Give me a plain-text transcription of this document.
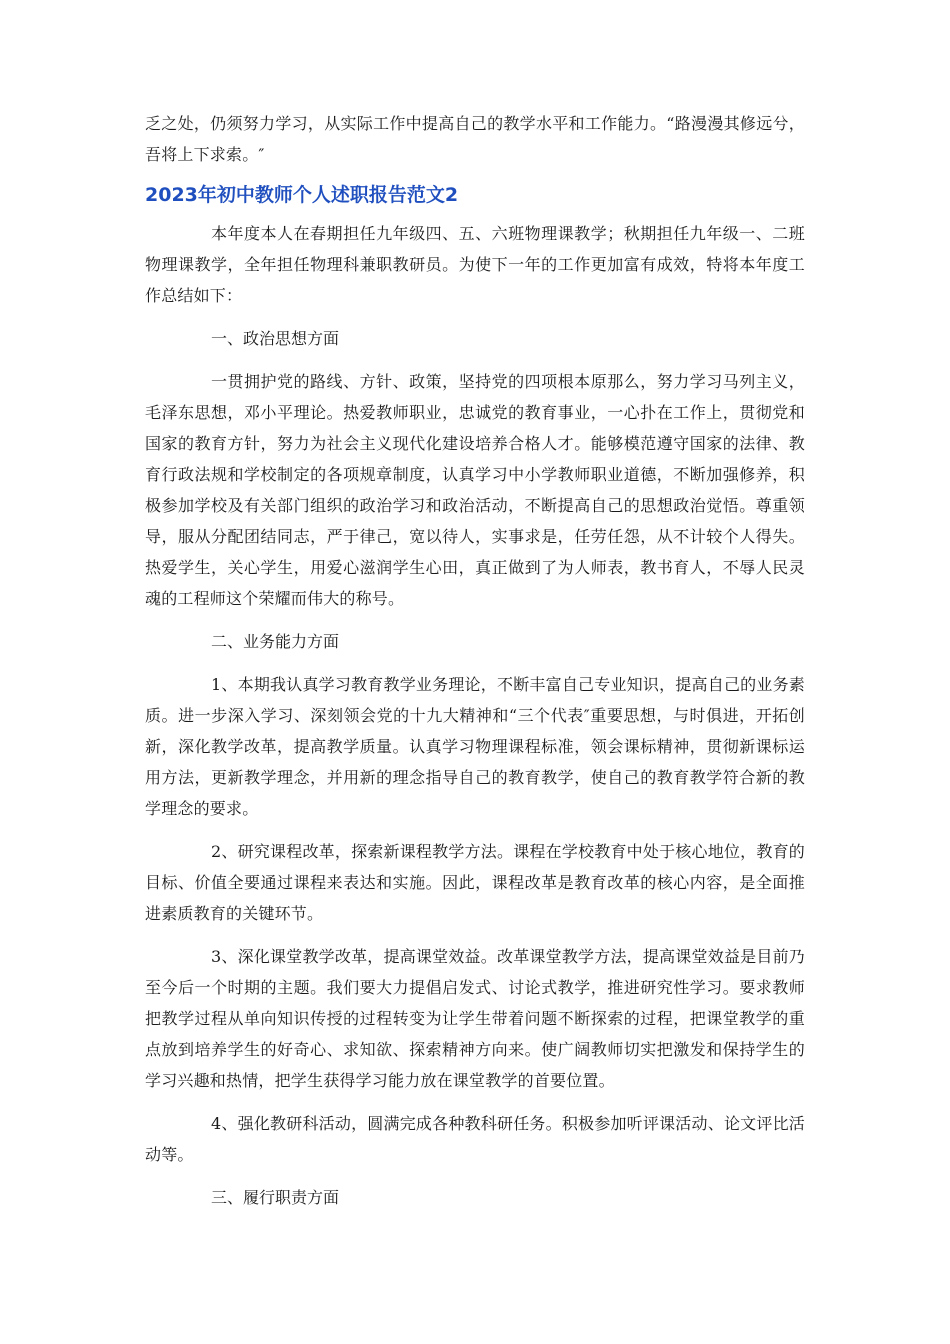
乏之处，仍须努力学习，从实际工作中提高自己的教学水平和工作能力。“路漫漫其修远兮，吾将上下求索。″

2023年初中教师个人述职报告范文2

本年度本人在春期担任九年级四、五、六班物理课教学；秋期担任九年级一、二班物理课教学，全年担任物理科兼职教研员。为使下一年的工作更加富有成效，特将本年度工作总结如下：

一、政治思想方面

一贯拥护党的路线、方针、政策，坚持党的四项根本原那么，努力学习马列主义，毛泽东思想，邓小平理论。热爱教师职业，忠诚党的教育事业，一心扑在工作上，贯彻党和国家的教育方针，努力为社会主义现代化建设培养合格人才。能够模范遵守国家的法律、教育行政法规和学校制定的各项规章制度，认真学习中小学教师职业道德，不断加强修养，积极参加学校及有关部门组织的政治学习和政治活动，不断提高自己的思想政治觉悟。尊重领导，服从分配团结同志，严于律己，宽以待人，实事求是，任劳任怨，从不计较个人得失。热爱学生，关心学生，用爱心滋润学生心田，真正做到了为人师表，教书育人，不辱人民灵魂的工程师这个荣耀而伟大的称号。

二、业务能力方面

1、本期我认真学习教育教学业务理论，不断丰富自己专业知识，提高自己的业务素质。进一步深入学习、深刻领会党的十九大精神和“三个代表″重要思想，与时俱进，开拓创新，深化教学改革，提高教学质量。认真学习物理课程标准，领会课标精神，贯彻新课标运用方法，更新教学理念，并用新的理念指导自己的教育教学，使自己的教育教学符合新的教学理念的要求。

2、研究课程改革，探索新课程教学方法。课程在学校教育中处于核心地位，教育的目标、价值全要通过课程来表达和实施。因此，课程改革是教育改革的核心内容，是全面推进素质教育的关键环节。

3、深化课堂教学改革，提高课堂效益。改革课堂教学方法，提高课堂效益是目前乃至今后一个时期的主题。我们要大力提倡启发式、讨论式教学，推进研究性学习。要求教师把教学过程从单向知识传授的过程转变为让学生带着问题不断探索的过程，把课堂教学的重点放到培养学生的好奇心、求知欲、探索精神方向来。使广阔教师切实把激发和保持学生的学习兴趣和热情，把学生获得学习能力放在课堂教学的首要位置。

4、强化教研科活动，圆满完成各种教科研任务。积极参加听评课活动、论文评比活动等。

三、履行职责方面
